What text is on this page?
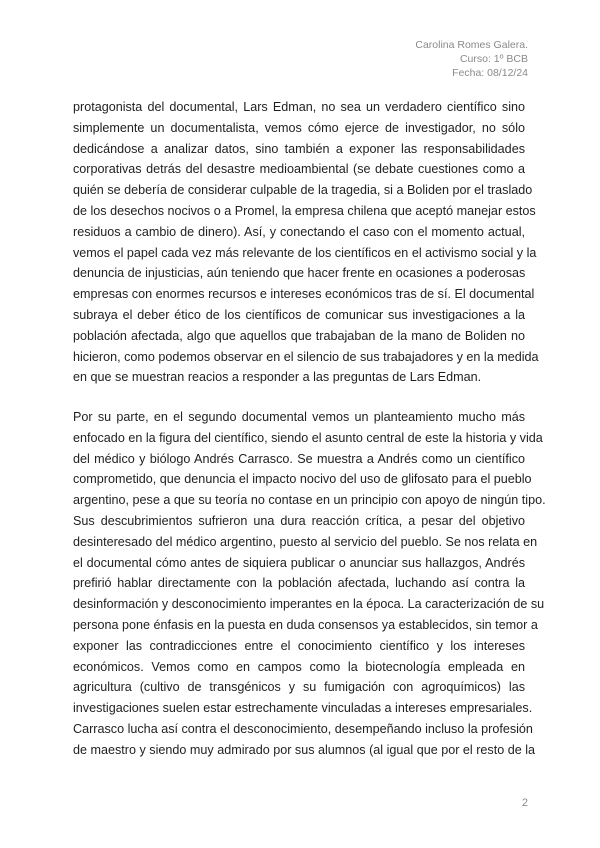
Carolina Romes Galera.
Curso: 1º BCB
Fecha: 08/12/24
protagonista del documental, Lars Edman, no sea un verdadero científico sino
simplemente un documentalista, vemos cómo ejerce de investigador, no sólo
dedicándose a analizar datos, sino también a exponer las responsabilidades
corporativas detrás del desastre medioambiental (se debate cuestiones como a
quién se debería de considerar culpable de la tragedia, si a Boliden por el traslado
de los desechos nocivos o a Promel, la empresa chilena que aceptó manejar estos
residuos a cambio de dinero). Así, y conectando el caso con el momento actual,
vemos el papel cada vez más relevante de los científicos en el activismo social y la
denuncia de injusticias, aún teniendo que hacer frente en ocasiones a poderosas
empresas con enormes recursos e intereses económicos tras de sí. El documental
subraya el deber ético de los científicos de comunicar sus investigaciones a la
población afectada, algo que aquellos que trabajaban de la mano de Boliden no
hicieron, como podemos observar en el silencio de sus trabajadores y en la medida
en que se muestran reacios a responder a las preguntas de Lars Edman.
Por su parte, en el segundo documental vemos un planteamiento mucho más
enfocado en la figura del científico, siendo el asunto central de este la historia y vida
del médico y biólogo Andrés Carrasco. Se muestra a Andrés como un científico
comprometido, que denuncia el impacto nocivo del uso de glifosato para el pueblo
argentino, pese a que su teoría no contase en un principio con apoyo de ningún tipo.
Sus descubrimientos sufrieron una dura reacción crítica, a pesar del objetivo
desinteresado del médico argentino, puesto al servicio del pueblo. Se nos relata en
el documental cómo antes de siquiera publicar o anunciar sus hallazgos, Andrés
prefirió hablar directamente con la población afectada, luchando así contra la
desinformación y desconocimiento imperantes en la época. La caracterización de su
persona pone énfasis en la puesta en duda consensos ya establecidos, sin temor a
exponer las contradicciones entre el conocimiento científico y los intereses
económicos. Vemos como en campos como la biotecnología empleada en
agricultura (cultivo de transgénicos y su fumigación con agroquímicos) las
investigaciones suelen estar estrechamente vinculadas a intereses empresariales.
Carrasco lucha así contra el desconocimiento, desempeñando incluso la profesión
de maestro y siendo muy admirado por sus alumnos (al igual que por el resto de la
2
